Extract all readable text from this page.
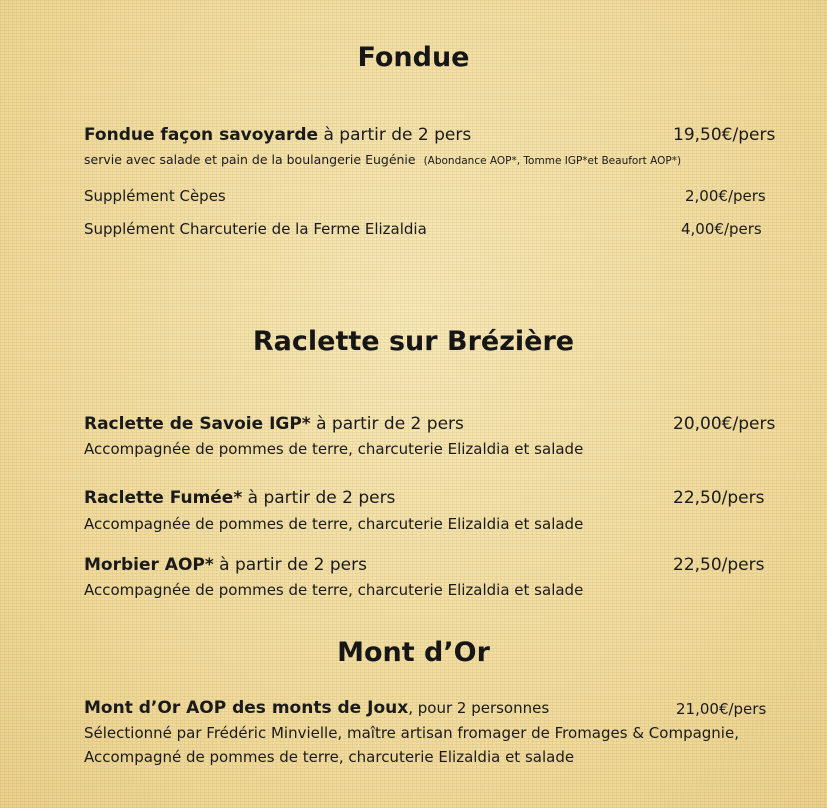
Fondue
Fondue façon savoyarde à partir de 2 pers	19,50€/pers
servie avec salade et pain de la boulangerie Eugénie (Abondance AOP*, Tomme IGP*et Beaufort AOP*)
Supplément Cèpes	2,00€/pers
Supplément Charcuterie de la Ferme Elizaldia	4,00€/pers
Raclette sur Brézière
Raclette de Savoie IGP* à partir de 2 pers	20,00€/pers
Accompagnée de pommes de terre, charcuterie Elizaldia et salade
Raclette Fumée* à partir de 2 pers	22,50/pers
Accompagnée de pommes de terre, charcuterie Elizaldia et salade
Morbier AOP* à partir de 2 pers	22,50/pers
Accompagnée de pommes de terre, charcuterie Elizaldia et salade
Mont d’Or
Mont d’Or AOP des monts de Joux, pour 2 personnes	21,00€/pers
Sélectionné par Frédéric Minvielle, maître artisan fromager de Fromages & Compagnie,
Accompagné de pommes de terre, charcuterie Elizaldia et salade
